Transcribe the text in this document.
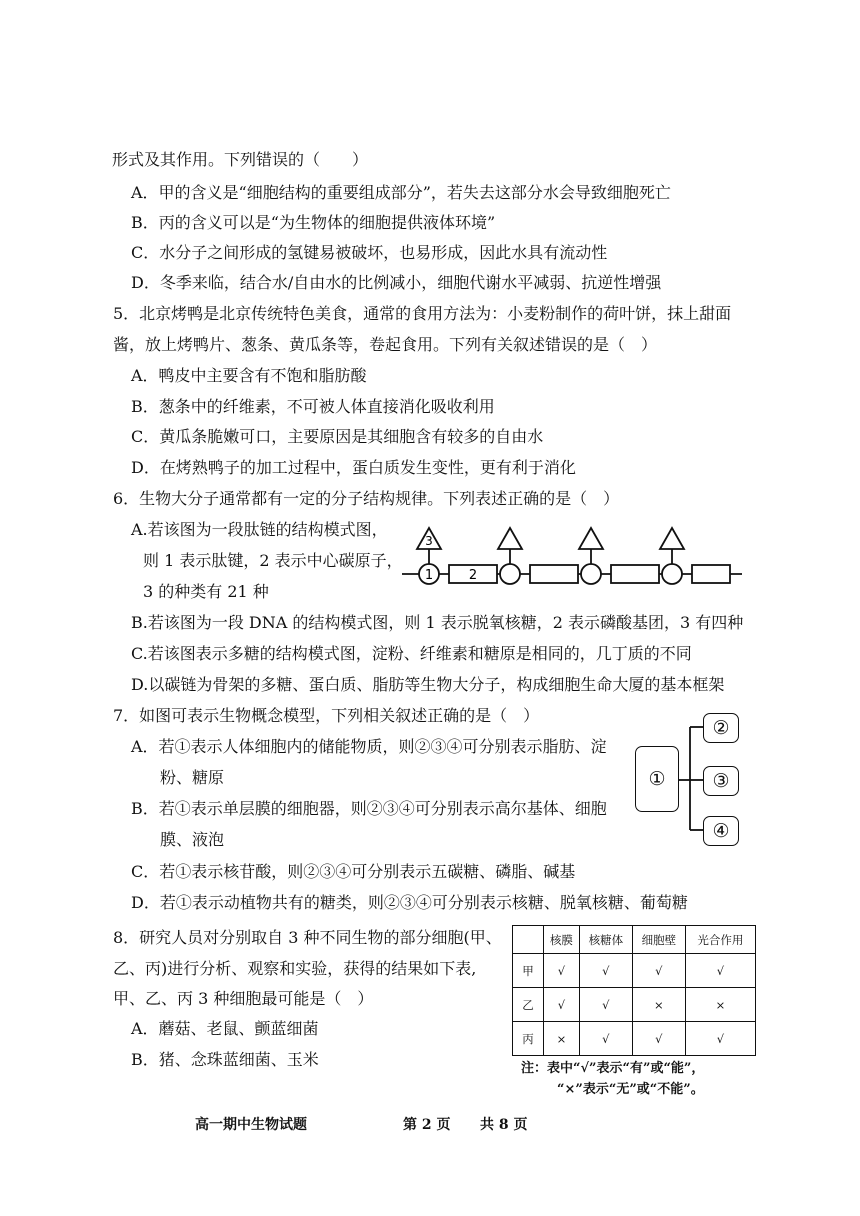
形式及其作用。下列错误的（　　）
A．甲的含义是“细胞结构的重要组成部分”，若失去这部分水会导致细胞死亡
B．丙的含义可以是“为生物体的细胞提供液体环境”
C．水分子之间形成的氢键易被破坏，也易形成，因此水具有流动性
D．冬季来临，结合水/自由水的比例减小，细胞代谢水平减弱、抗逆性增强
5．北京烤鸭是北京传统特色美食，通常的食用方法为：小麦粉制作的荷叶饼，抹上甜面
酱，放上烤鸭片、葱条、黄瓜条等，卷起食用。下列有关叙述错误的是（　）
A．鸭皮中主要含有不饱和脂肪酸
B．葱条中的纤维素，不可被人体直接消化吸收利用
C．黄瓜条脆嫩可口，主要原因是其细胞含有较多的自由水
D．在烤熟鸭子的加工过程中，蛋白质发生变性，更有利于消化
6．生物大分子通常都有一定的分子结构规律。下列表述正确的是（　）
A.若该图为一段肽链的结构模式图，
则 1 表示肽键，2 表示中心碳原子，
3 的种类有 21 种
3
1	2
B.若该图为一段 DNA 的结构模式图，则 1 表示脱氧核糖，2 表示磷酸基团，3 有四种
C.若该图表示多糖的结构模式图，淀粉、纤维素和糖原是相同的，几丁质的不同
D.以碳链为骨架的多糖、蛋白质、脂肪等生物大分子，构成细胞生命大厦的基本框架
7．如图可表示生物概念模型，下列相关叙述正确的是（　）
A．若①表示人体细胞内的储能物质，则②③④可分别表示脂肪、淀
粉、糖原
B．若①表示单层膜的细胞器，则②③④可分别表示高尔基体、细胞
膜、液泡
C．若①表示核苷酸，则②③④可分别表示五碳糖、磷脂、碱基
D．若①表示动植物共有的糖类，则②③④可分别表示核糖、脱氧核糖、葡萄糖
①
②
③
④
8．研究人员对分别取自 3 种不同生物的部分细胞(甲、
乙、丙)进行分析、观察和实验，获得的结果如下表,
甲、乙、丙 3 种细胞最可能是（　）
A．蘑菇、老鼠、颤蓝细菌
B．猪、念珠蓝细菌、玉米
	核膜	核糖体	细胞壁	光合作用
甲	√	√	√	√
乙	√	√	×	×
丙	×	√	√	√
注：表中“√”表示“有”或“能”，
“×”表示“无”或“不能”。
高一期中生物试题	第 2 页 共 8 页
